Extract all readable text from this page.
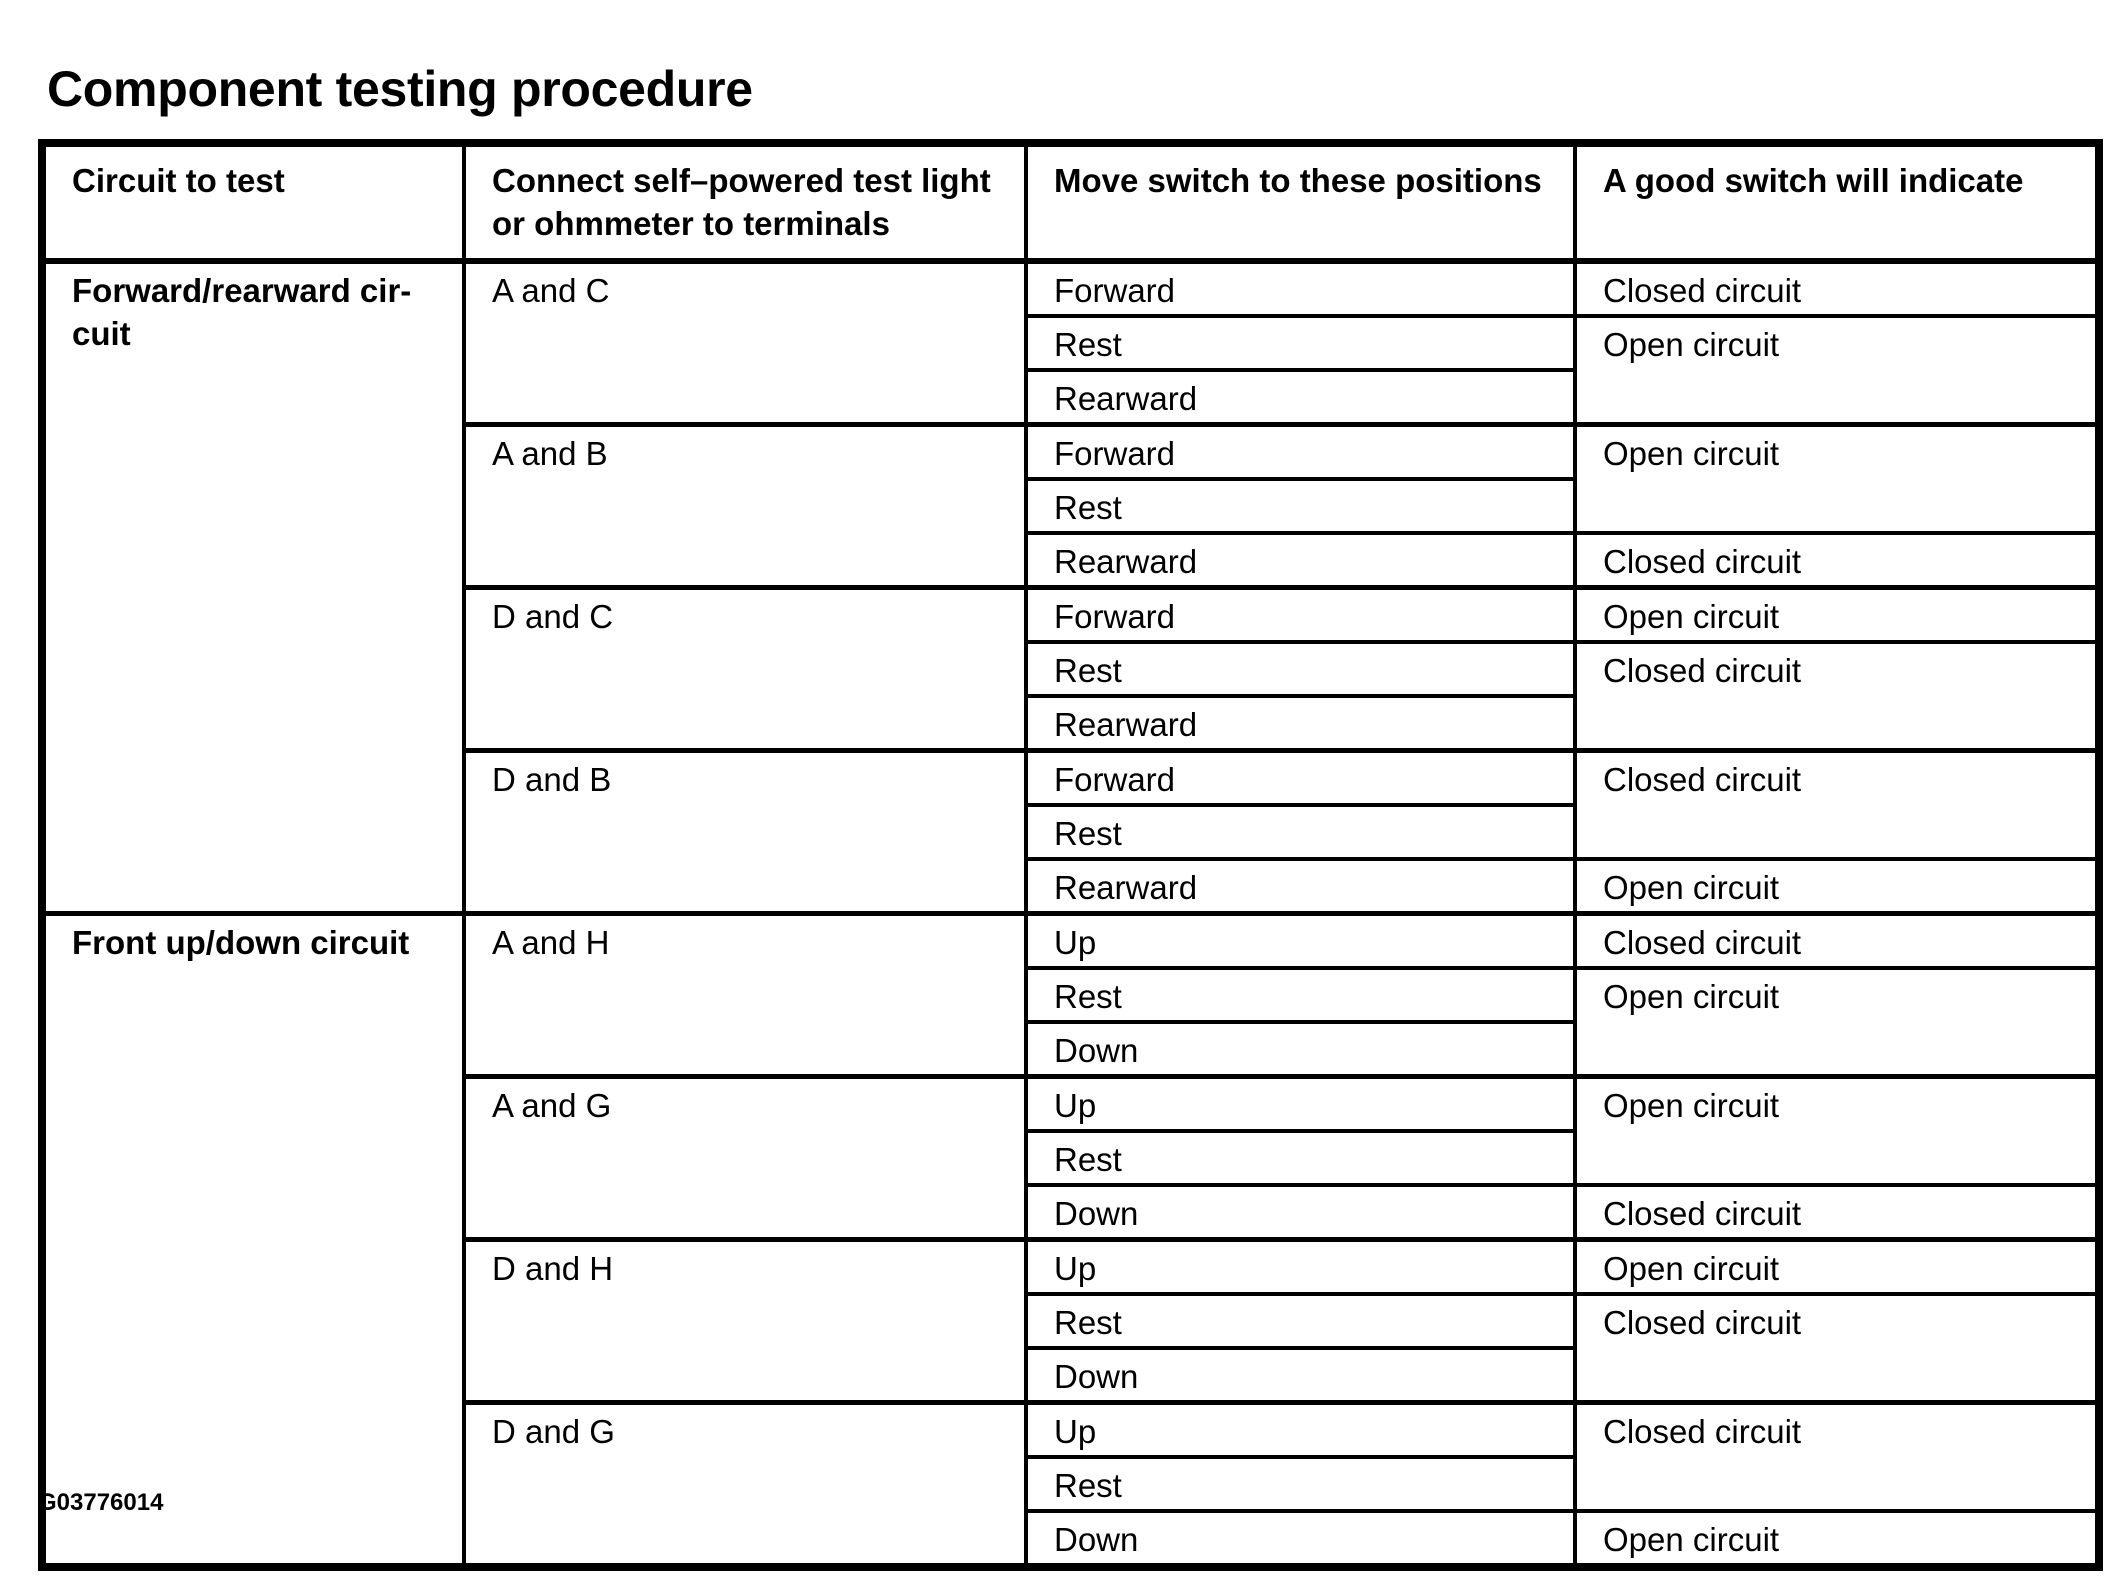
Component testing procedure
Circuit to test	Connect self–powered test light or ohmmeter to terminals	Move switch to these positions	A good switch will indicate
Forward/rearward cir-
cuit	A and C	Forward	Closed circuit
		Rest	Open circuit
		Rearward	
	A and B	Forward	Open circuit
		Rest	
		Rearward	Closed circuit
	D and C	Forward	Open circuit
		Rest	Closed circuit
		Rearward	
	D and B	Forward	Closed circuit
		Rest	
		Rearward	Open circuit
Front up/down circuit	A and H	Up	Closed circuit
		Rest	Open circuit
		Down	
	A and G	Up	Open circuit
		Rest	
		Down	Closed circuit
	D and H	Up	Open circuit
		Rest	Closed circuit
		Down	
	D and G	Up	Closed circuit
		Rest	
		Down	Open circuit
G03776014
